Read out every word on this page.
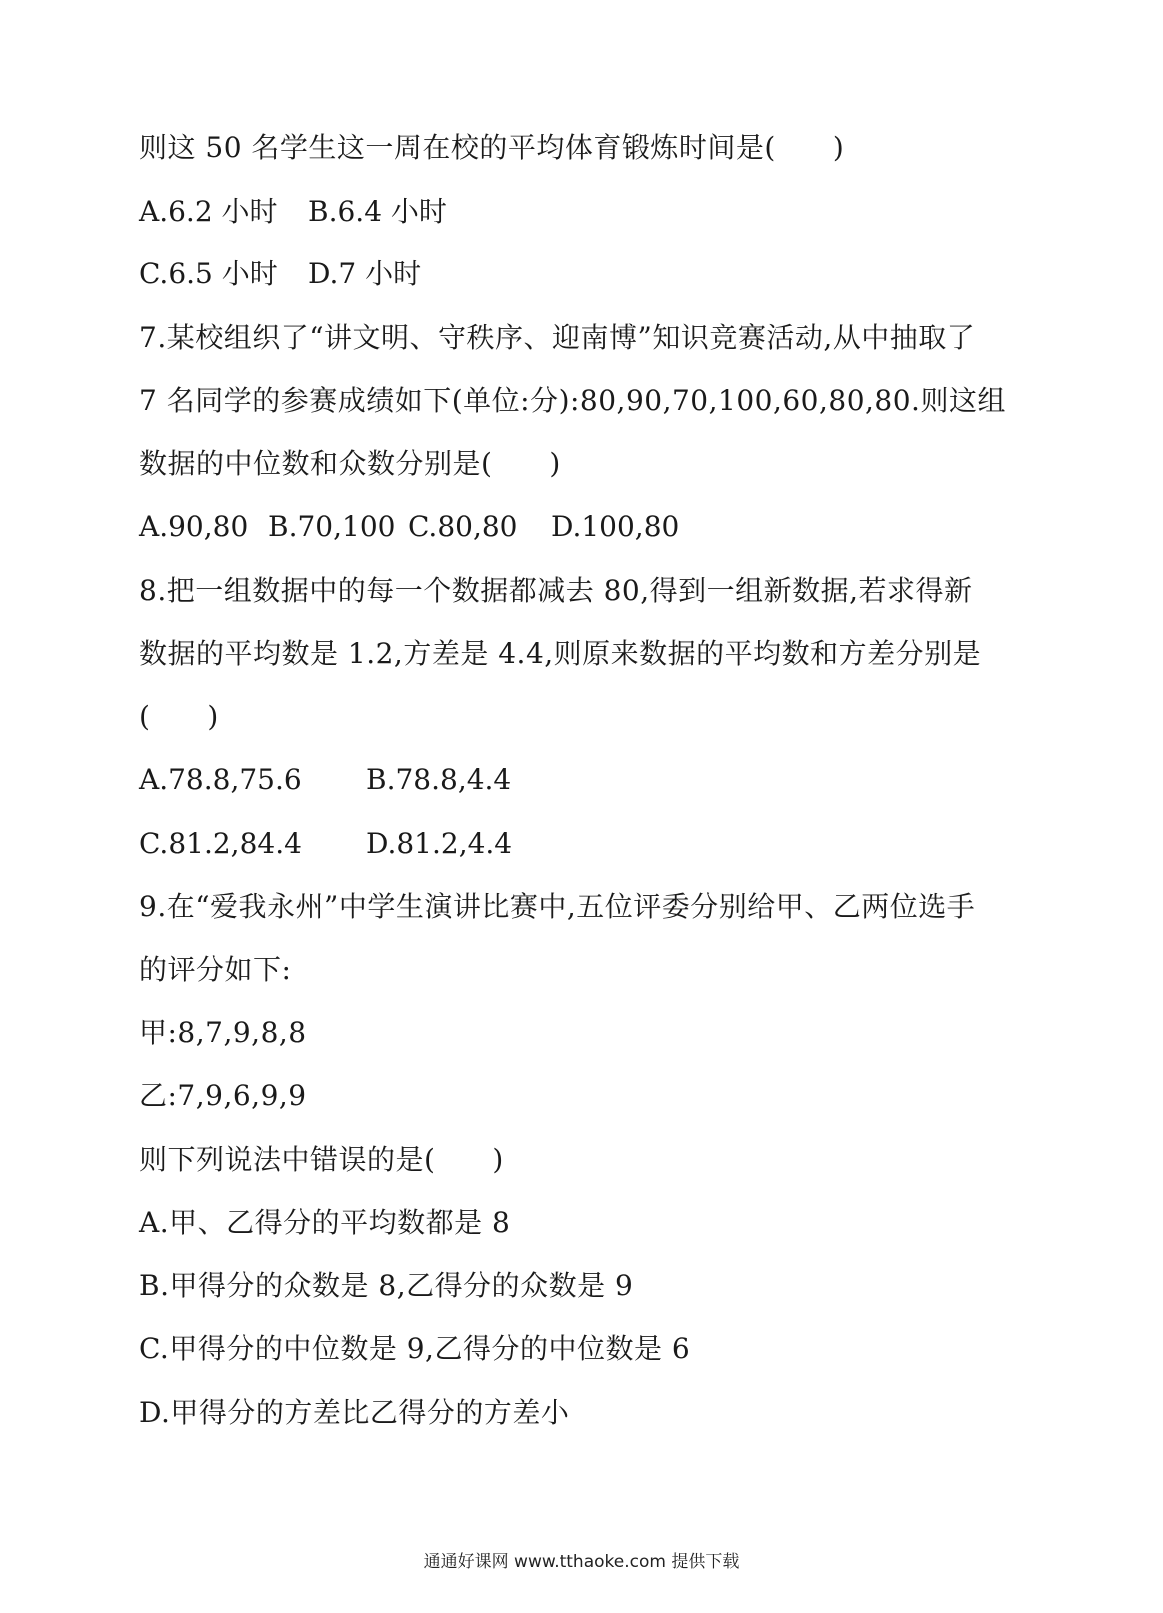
则这 50 名学生这一周在校的平均体育锻炼时间是(　　)
A.6.2 小时 B.6.4 小时
C.6.5 小时 D.7 小时
7.某校组织了“讲文明、守秩序、迎南博”知识竞赛活动,从中抽取了
7 名同学的参赛成绩如下(单位:分):80,90,70,100,60,80,80.则这组
数据的中位数和众数分别是(　　)
A.90,80 B.70,100 C.80,80 D.100,80
8.把一组数据中的每一个数据都减去 80,得到一组新数据,若求得新
数据的平均数是 1.2,方差是 4.4,则原来数据的平均数和方差分别是
(　　)
A.78.8,75.6 B.78.8,4.4
C.81.2,84.4 D.81.2,4.4
9.在“爱我永州”中学生演讲比赛中,五位评委分别给甲、乙两位选手
的评分如下:
甲:8,7,9,8,8
乙:7,9,6,9,9
则下列说法中错误的是(　　)
A.甲、乙得分的平均数都是 8
B.甲得分的众数是 8,乙得分的众数是 9
C.甲得分的中位数是 9,乙得分的中位数是 6
D.甲得分的方差比乙得分的方差小
通通好课网 www.tthaoke.com 提供下载
